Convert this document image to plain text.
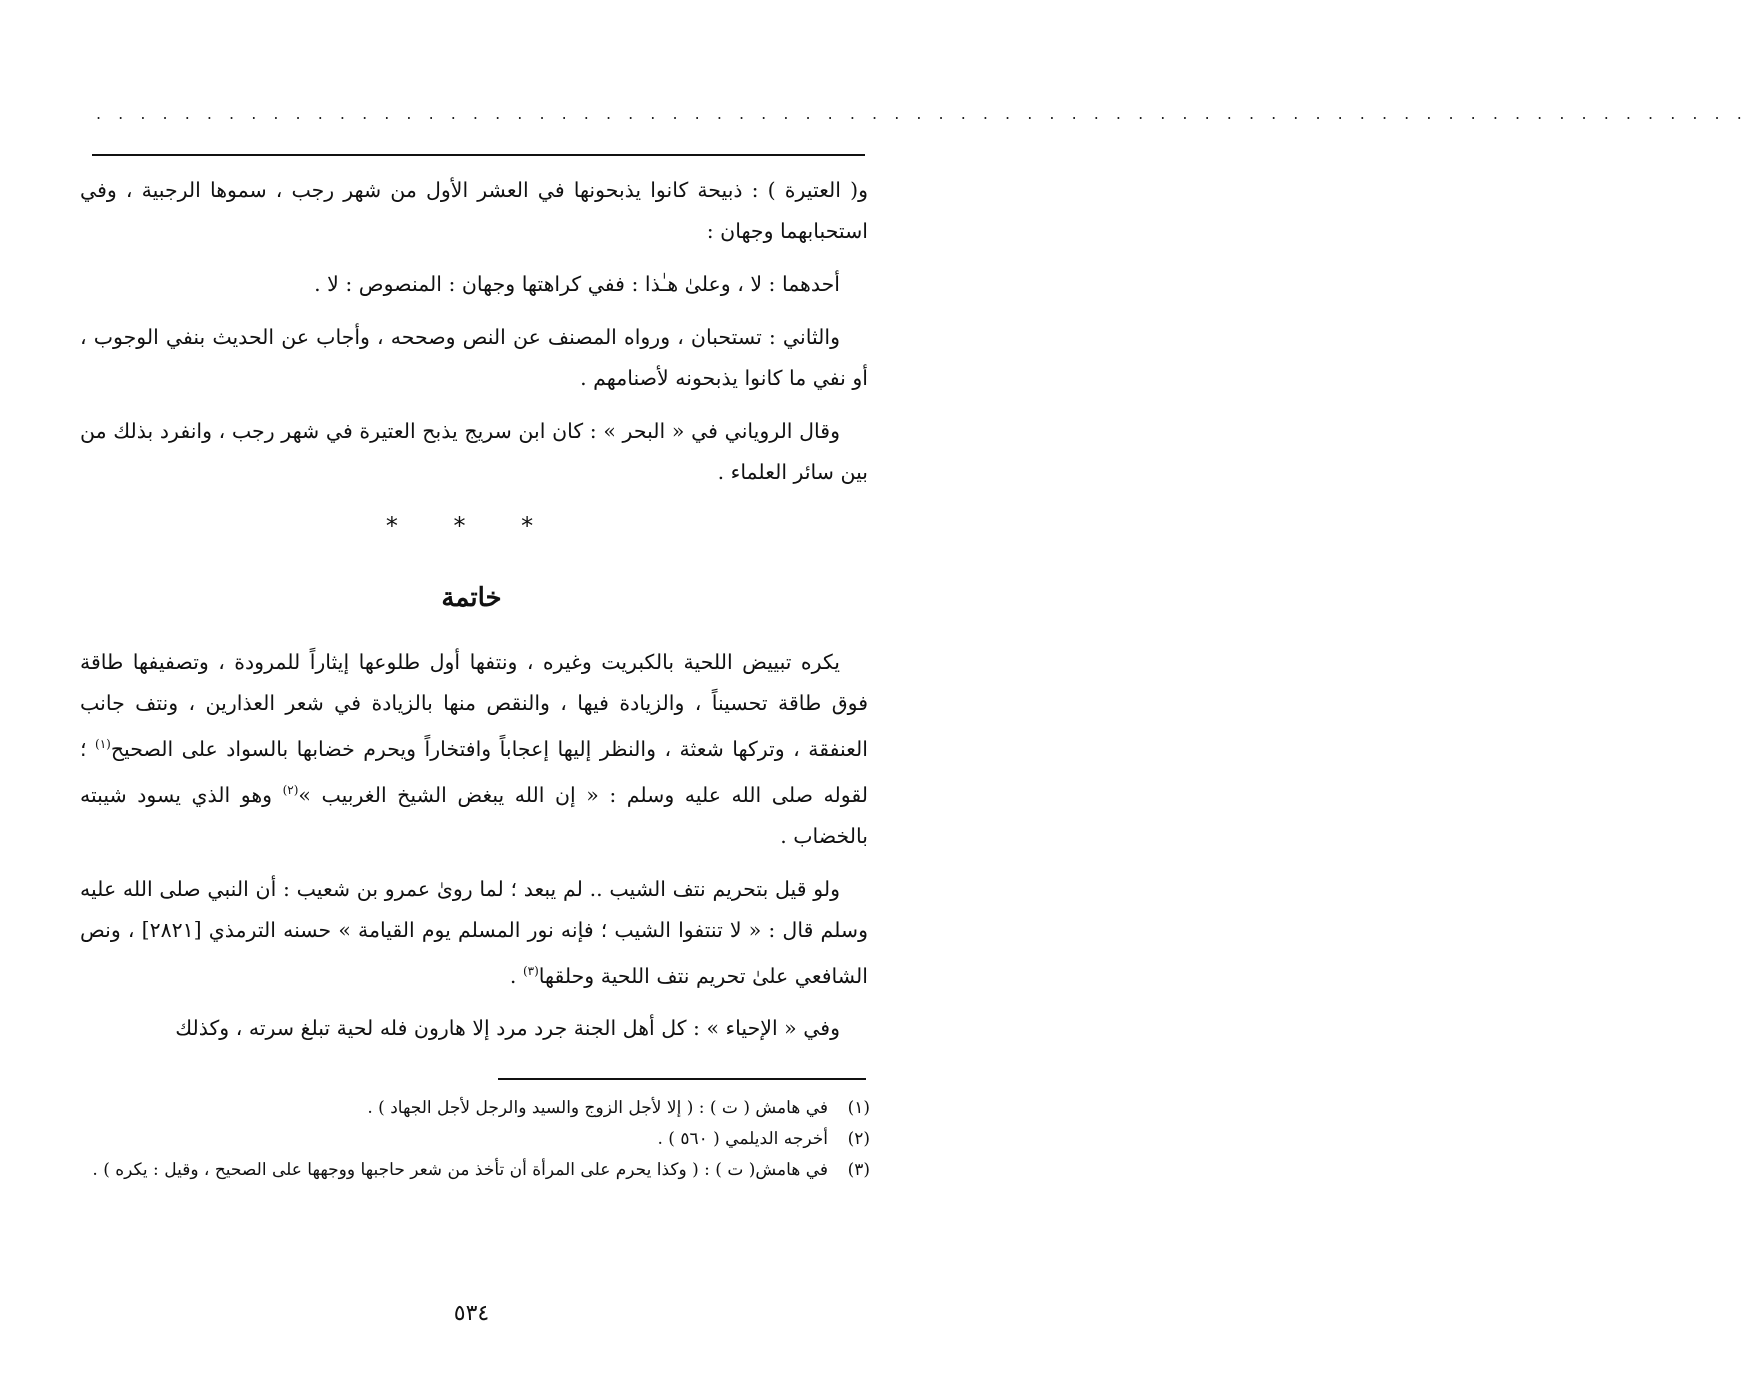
. . . . . . . . . . . . . . . . . . . . . . . . . . . . . . . . . . . . . . . . . . . . . . . . . . . . . . . . . . . . . . . . . . . . . . . . . . .

و( العتيرة ) : ذبيحة كانوا يذبحونها في العشر الأول من شهر رجب ، سموها الرجبية ، وفي استحبابهما وجهان :

أحدهما : لا ، وعلىٰ هـٰذا : ففي كراهتها وجهان : المنصوص : لا .

والثاني : تستحبان ، ورواه المصنف عن النص وصححه ، وأجاب عن الحديث بنفي الوجوب ، أو نفي ما كانوا يذبحونه لأصنامهم .

وقال الروياني في « البحر » : كان ابن سريج يذبح العتيرة في شهر رجب ، وانفرد بذلك من بين سائر العلماء .

* * *
خاتمة

يكره تبييض اللحية بالكبريت وغيره ، ونتفها أول طلوعها إيثاراً للمرودة ، وتصفيفها طاقة فوق طاقة تحسيناً ، والزيادة فيها ، والنقص منها بالزيادة في شعر العذارين ، ونتف جانب العنفقة ، وتركها شعثة ، والنظر إليها إعجاباً وافتخاراً ويحرم خضابها بالسواد على الصحيح$^{(١)}$ ؛ لقوله صلى الله عليه وسلم : « إن الله يبغض الشيخ الغربيب »$^{(٢)}$ وهو الذي يسود شيبته بالخضاب .

ولو قيل بتحريم نتف الشيب .. لم يبعد ؛ لما روىٰ عمرو بن شعيب : أن النبي صلى الله عليه وسلم قال : « لا تنتفوا الشيب ؛ فإنه نور المسلم يوم القيامة » حسنه الترمذي [٢٨٢١] ، ونص الشافعي علىٰ تحريم نتف اللحية وحلقها$^{(٣)}$ .

وفي « الإحياء » : كل أهل الجنة جرد مرد إلا هارون فله لحية تبلغ سرته ، وكذلك

(١)
في هامش ( ت ) : ( إلا لأجل الزوج والسيد والرجل لأجل الجهاد ) .
(٢)
أخرجه الديلمي ( ٥٦٠ ) .
(٣)
في هامش( ت ) : ( وكذا يحرم على المرأة أن تأخذ من شعر حاجبها ووجهها على الصحيح ، وقيل : يكره ) .
٥٣٤
